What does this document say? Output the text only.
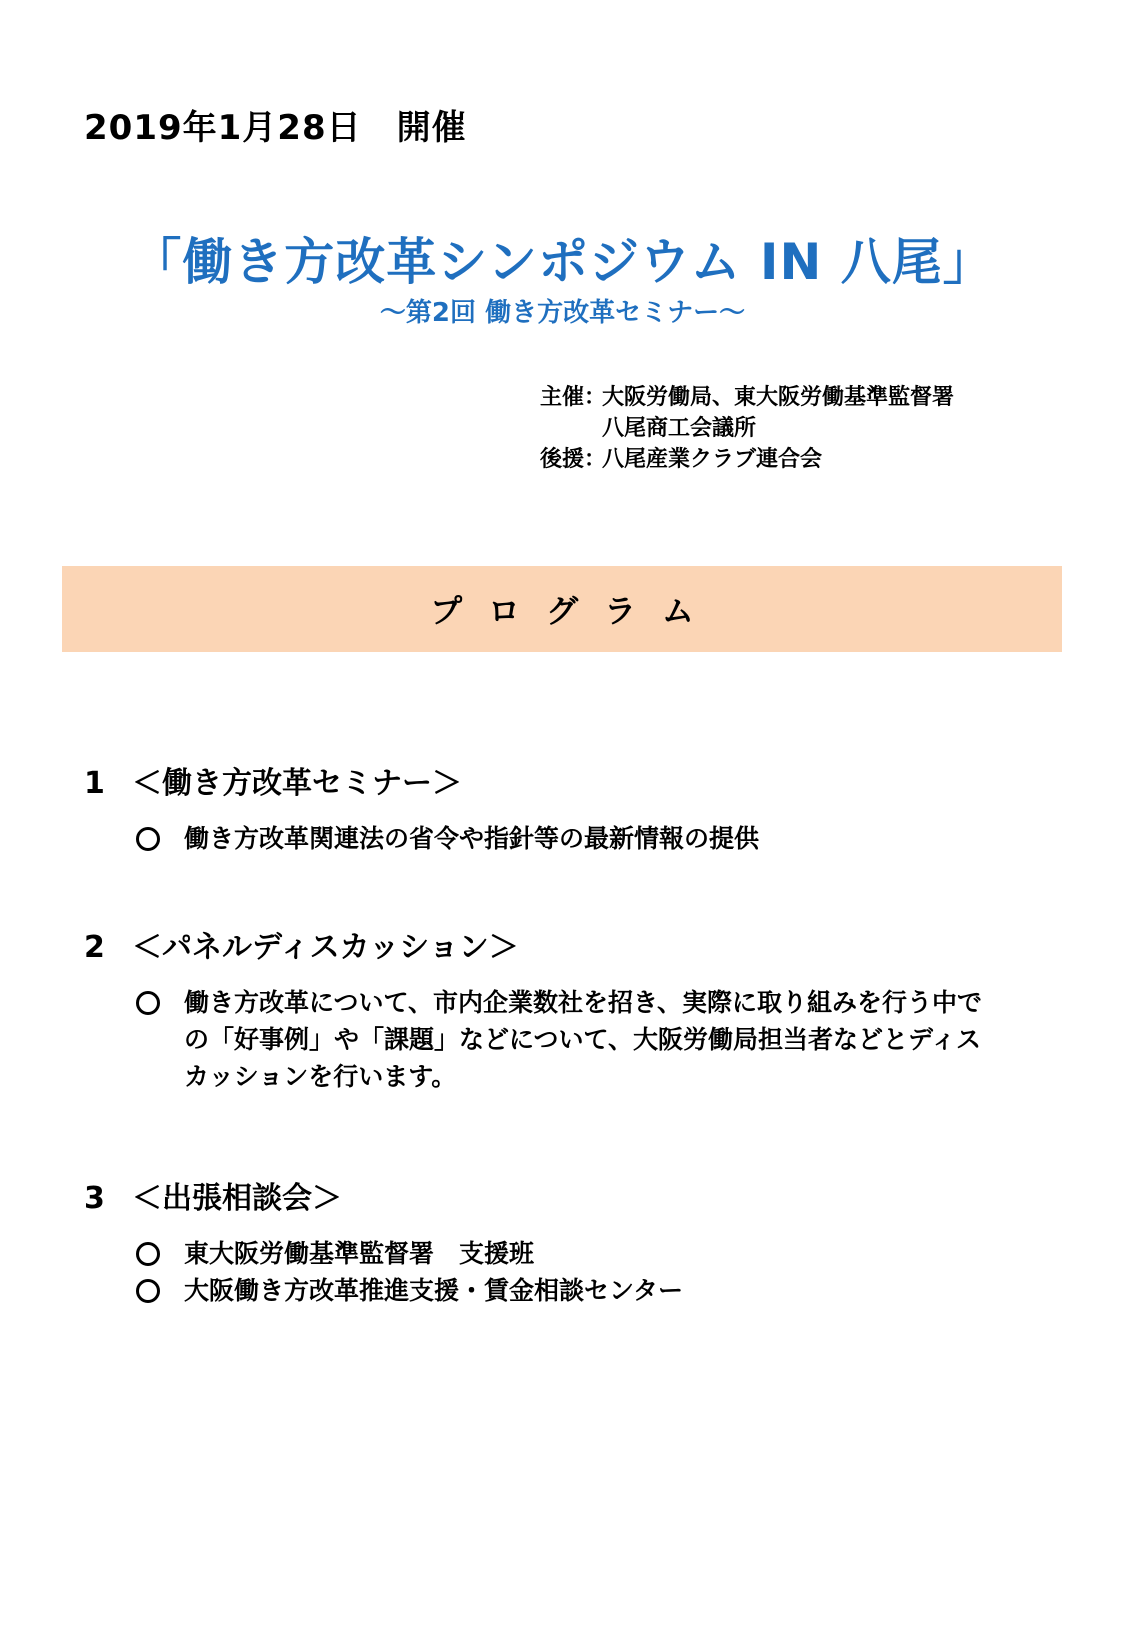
2019年1月28日　開催
「働き方改革シンポジウム IN 八尾」
〜第2回 働き方改革セミナー〜
主催：
大阪労働局、東大阪労働基準監督署
八尾商工会議所
後援：
八尾産業クラブ連合会
プログラム
1 ＜働き方改革セミナー＞
働き方改革関連法の省令や指針等の最新情報の提供
2 ＜パネルディスカッション＞
働き方改革について、市内企業数社を招き、実際に取り組みを行う中での「好事例」や「課題」などについて、大阪労働局担当者などとディスカッションを行います。
3 ＜出張相談会＞
東大阪労働基準監督署　支援班
大阪働き方改革推進支援・賃金相談センター
